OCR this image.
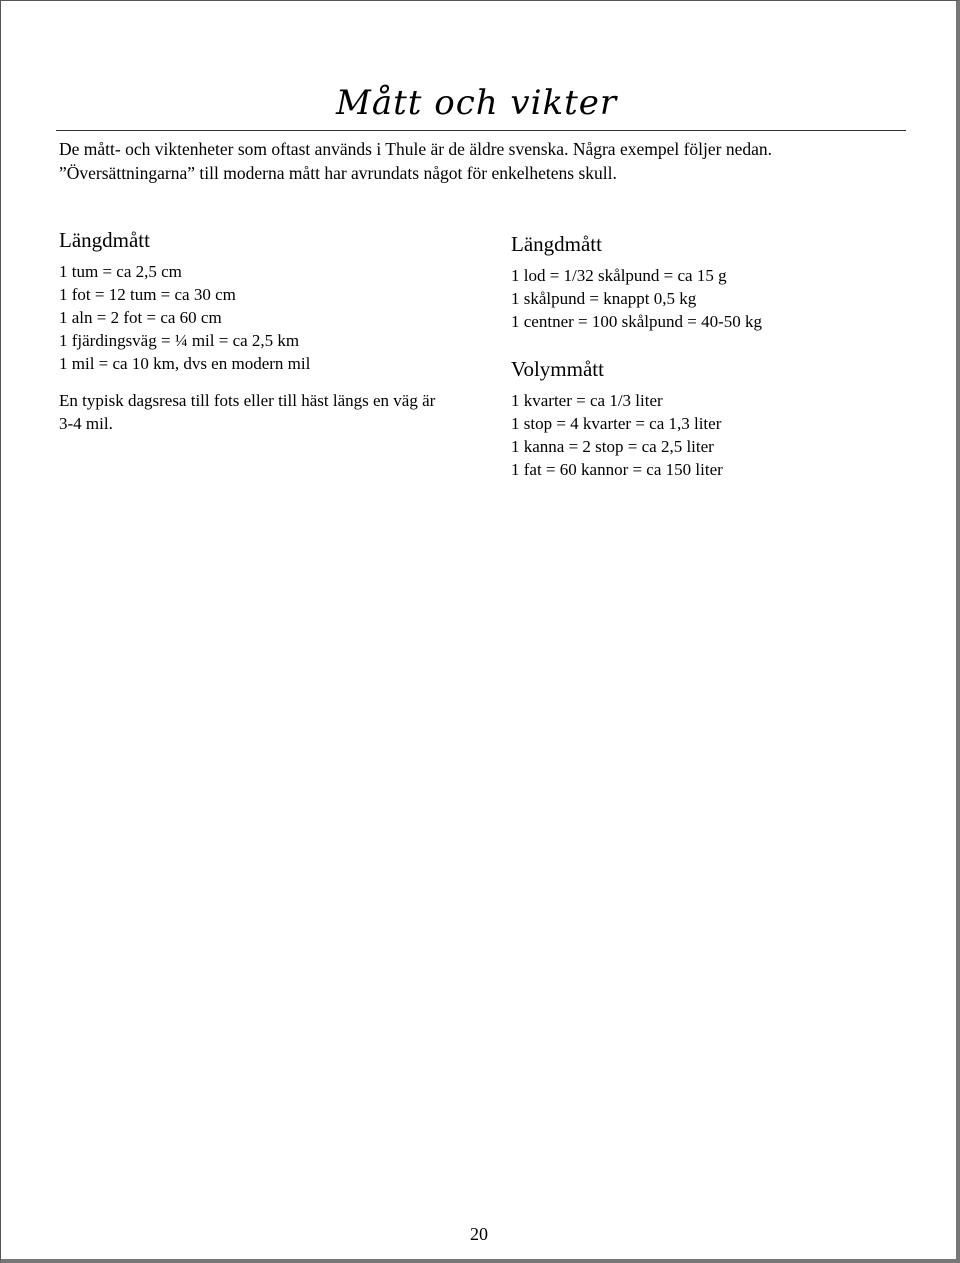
Mått och vikter

De mått- och viktenheter som oftast används i Thule är de äldre svenska. Några exempel följer nedan.
”Översättningarna” till moderna mått har avrundats något för enkelhetens skull.

Längdmått
1 tum = ca 2,5 cm
1 fot = 12 tum = ca 30 cm
1 aln = 2 fot = ca 60 cm
1 fjärdingsväg = ¼ mil = ca 2,5 km
1 mil = ca 10 km, dvs en modern mil

En typisk dagsresa till fots eller till häst längs en väg är 3-4 mil.

Längdmått
1 lod = 1/32 skålpund = ca 15 g
1 skålpund = knappt 0,5 kg
1 centner = 100 skålpund = 40-50 kg
Volymmått
1 kvarter = ca 1/3 liter
1 stop = 4 kvarter = ca 1,3 liter
1 kanna = 2 stop = ca 2,5 liter
1 fat = 60 kannor = ca 150 liter

20
